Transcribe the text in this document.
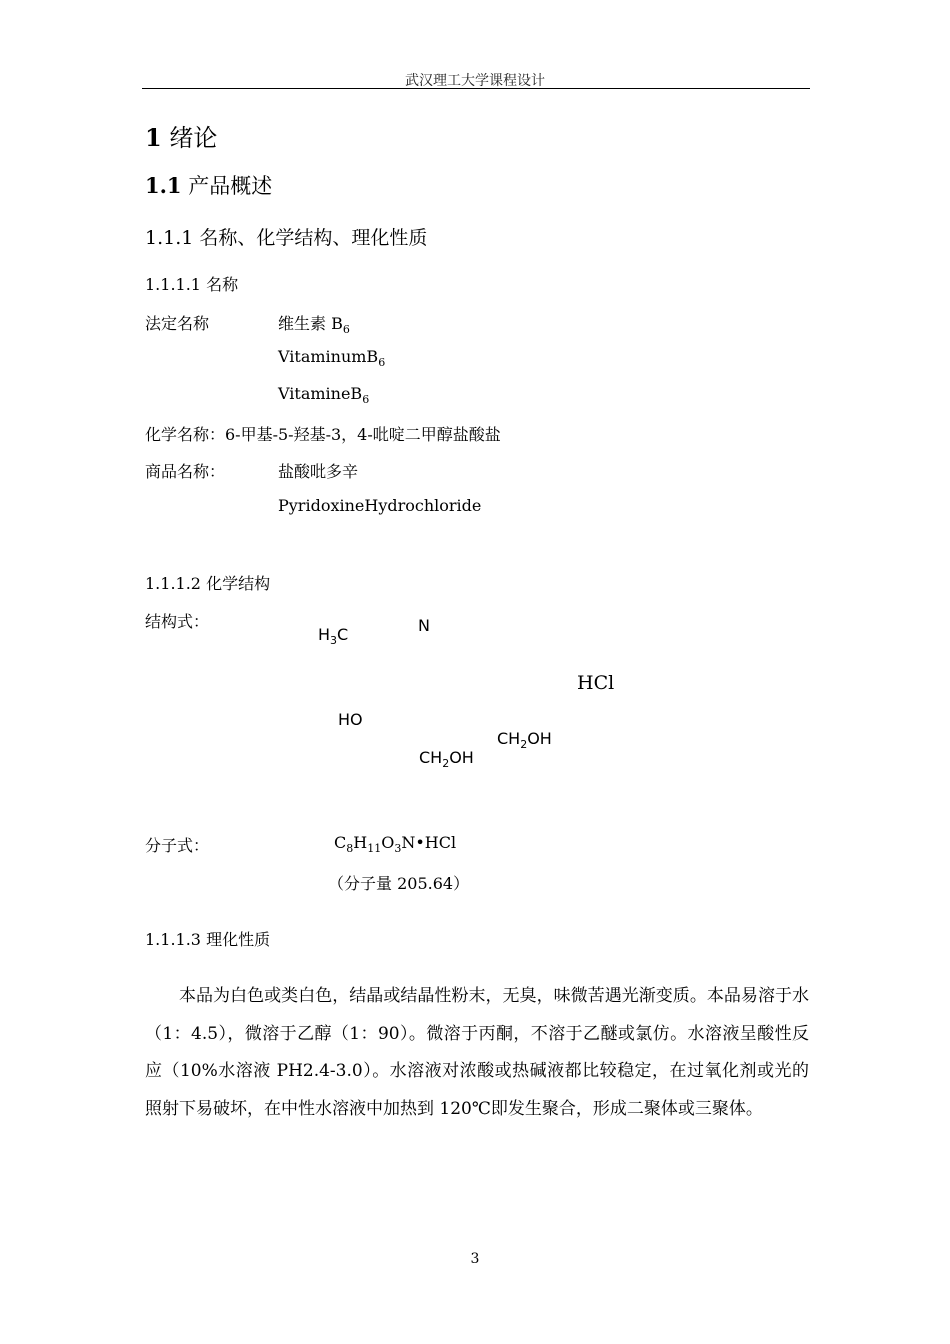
武汉理工大学课程设计
1 绪论
1.1 产品概述
1.1.1 名称、化学结构、理化性质
1.1.1.1 名称
法定名称	维生素 $B_6$
VitaminumB$_6$
VitamineB$_6$
化学名称：6-甲基-5-羟基-3，4-吡啶二甲醇盐酸盐
商品名称：	盐酸吡多辛
PyridoxineHydrochloride
1.1.1.2 化学结构
结构式：
$H_3C$	N
HCl
HO
$CH_2OH$
$CH_2OH$
分子式：	$C_8H_{11}O_3N•HCl$
（分子量 205.64）
1.1.1.3 理化性质
本品为白色或类白色，结晶或结晶性粉末，无臭，味微苦遇光渐变质。本品易溶于水（1：4.5），微溶于乙醇（1：90）。微溶于丙酮，不溶于乙醚或氯仿。水溶液呈酸性反应（10%水溶液 PH2.4-3.0）。水溶液对浓酸或热碱液都比较稳定，在过氧化剂或光的照射下易破坏，在中性水溶液中加热到 120℃即发生聚合，形成二聚体或三聚体。
3
